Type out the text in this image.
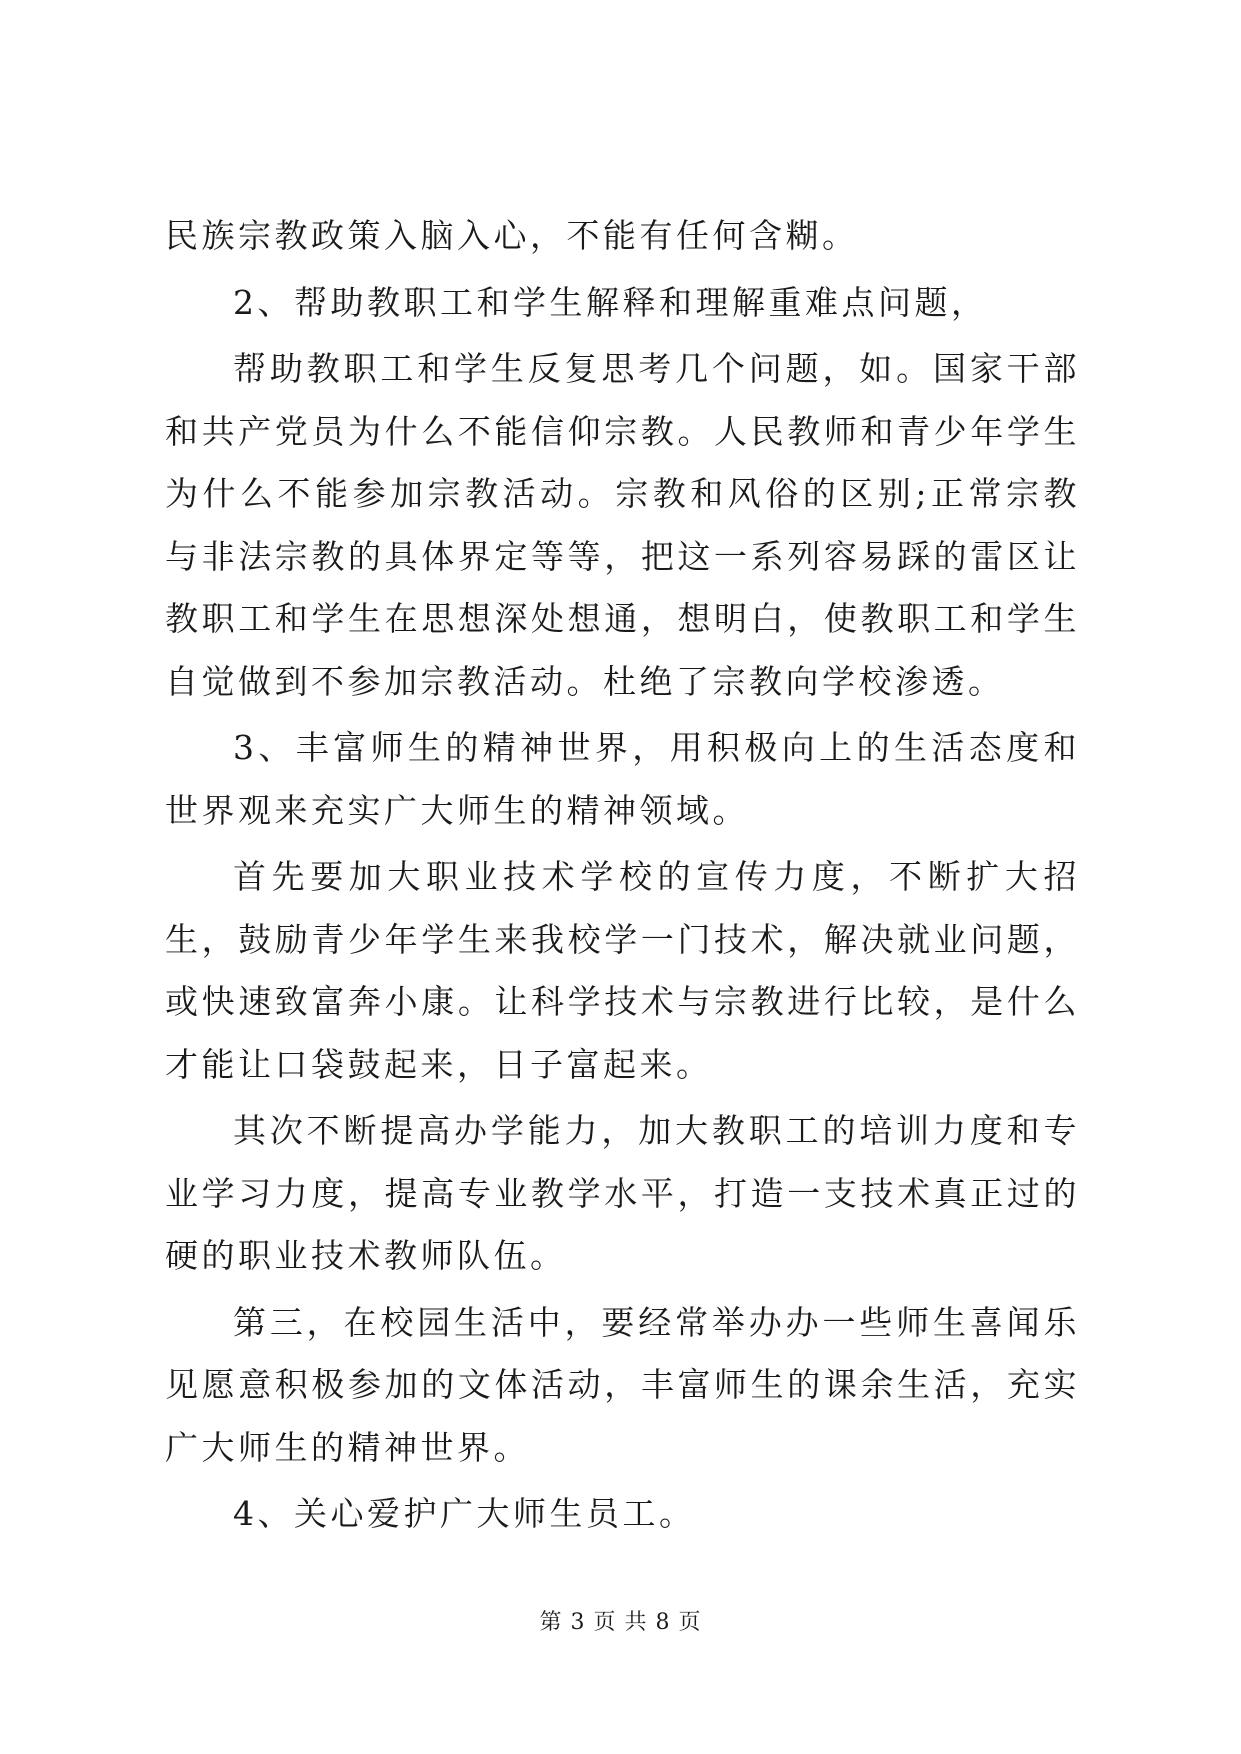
民族宗教政策入脑入心，不能有任何含糊。

2、帮助教职工和学生解释和理解重难点问题，

帮助教职工和学生反复思考几个问题，如。国家干部和共产党员为什么不能信仰宗教。人民教师和青少年学生为什么不能参加宗教活动。宗教和风俗的区别;正常宗教与非法宗教的具体界定等等，把这一系列容易踩的雷区让教职工和学生在思想深处想通，想明白，使教职工和学生自觉做到不参加宗教活动。杜绝了宗教向学校渗透。

3、丰富师生的精神世界，用积极向上的生活态度和世界观来充实广大师生的精神领域。

首先要加大职业技术学校的宣传力度，不断扩大招生，鼓励青少年学生来我校学一门技术，解决就业问题，或快速致富奔小康。让科学技术与宗教进行比较，是什么才能让口袋鼓起来，日子富起来。

其次不断提高办学能力，加大教职工的培训力度和专业学习力度，提高专业教学水平，打造一支技术真正过的硬的职业技术教师队伍。

第三，在校园生活中，要经常举办办一些师生喜闻乐见愿意积极参加的文体活动，丰富师生的课余生活，充实广大师生的精神世界。

4、关心爱护广大师生员工。

第 3 页 共 8 页
